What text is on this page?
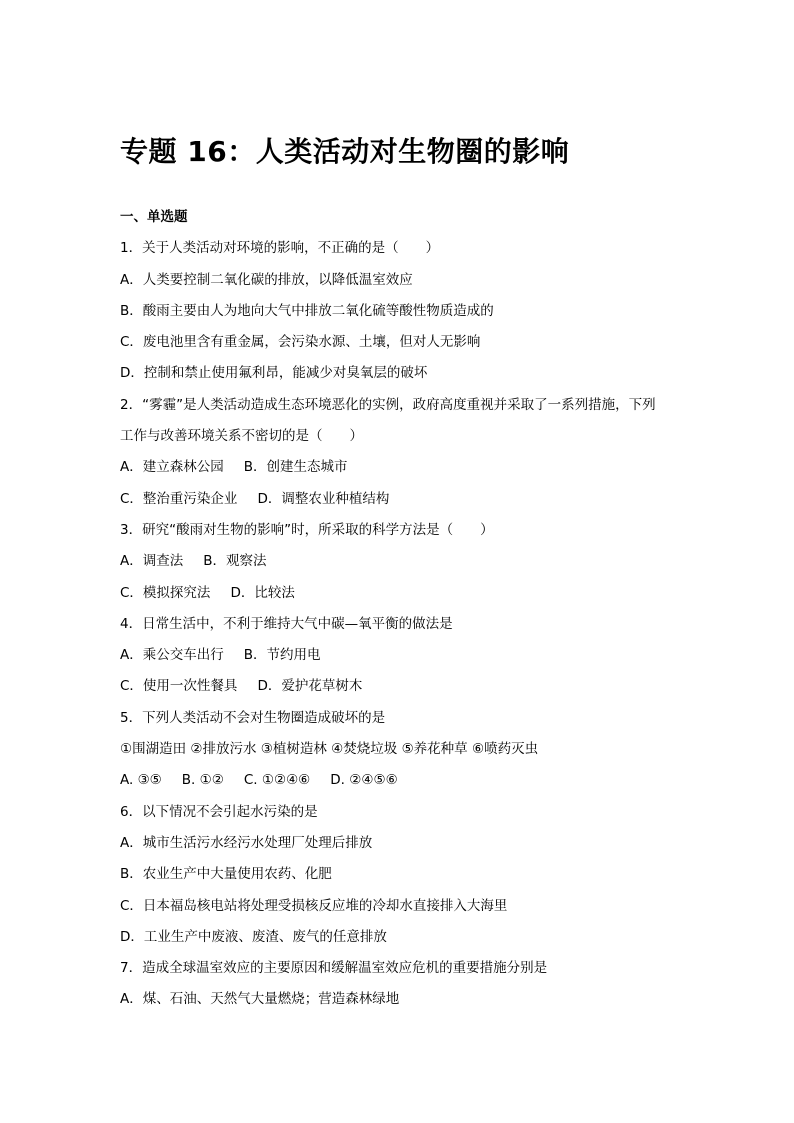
专题 16：人类活动对生物圈的影响
一、单选题
1．关于人类活动对环境的影响，不正确的是（　　）
A．人类要控制二氧化碳的排放，以降低温室效应
B．酸雨主要由人为地向大气中排放二氧化硫等酸性物质造成的
C．废电池里含有重金属，会污染水源、土壤，但对人无影响
D．控制和禁止使用氟利昂，能减少对臭氧层的破坏
2．“雾霾”是人类活动造成生态环境恶化的实例，政府高度重视并采取了一系列措施，下列
工作与改善环境关系不密切的是（　　）
A．建立森林公园 B．创建生态城市
C．整治重污染企业 D．调整农业种植结构
3．研究“酸雨对生物的影响”时，所采取的科学方法是（　　）
A．调查法 B．观察法
C．模拟探究法 D．比较法
4．日常生活中，不利于维持大气中碳—氧平衡的做法是
A．乘公交车出行 B．节约用电
C．使用一次性餐具 D．爱护花草树木
5．下列人类活动不会对生物圈造成破坏的是
①围湖造田 ②排放污水 ③植树造林 ④焚烧垃圾 ⑤养花种草 ⑥喷药灭虫
A. ③⑤ B. ①② C. ①②④⑥ D. ②④⑤⑥
6．以下情况不会引起水污染的是
A．城市生活污水经污水处理厂处理后排放
B．农业生产中大量使用农药、化肥
C．日本福岛核电站将处理受损核反应堆的冷却水直接排入大海里
D．工业生产中废液、废渣、废气的任意排放
7．造成全球温室效应的主要原因和缓解温室效应危机的重要措施分别是
A．煤、石油、天然气大量燃烧；营造森林绿地
